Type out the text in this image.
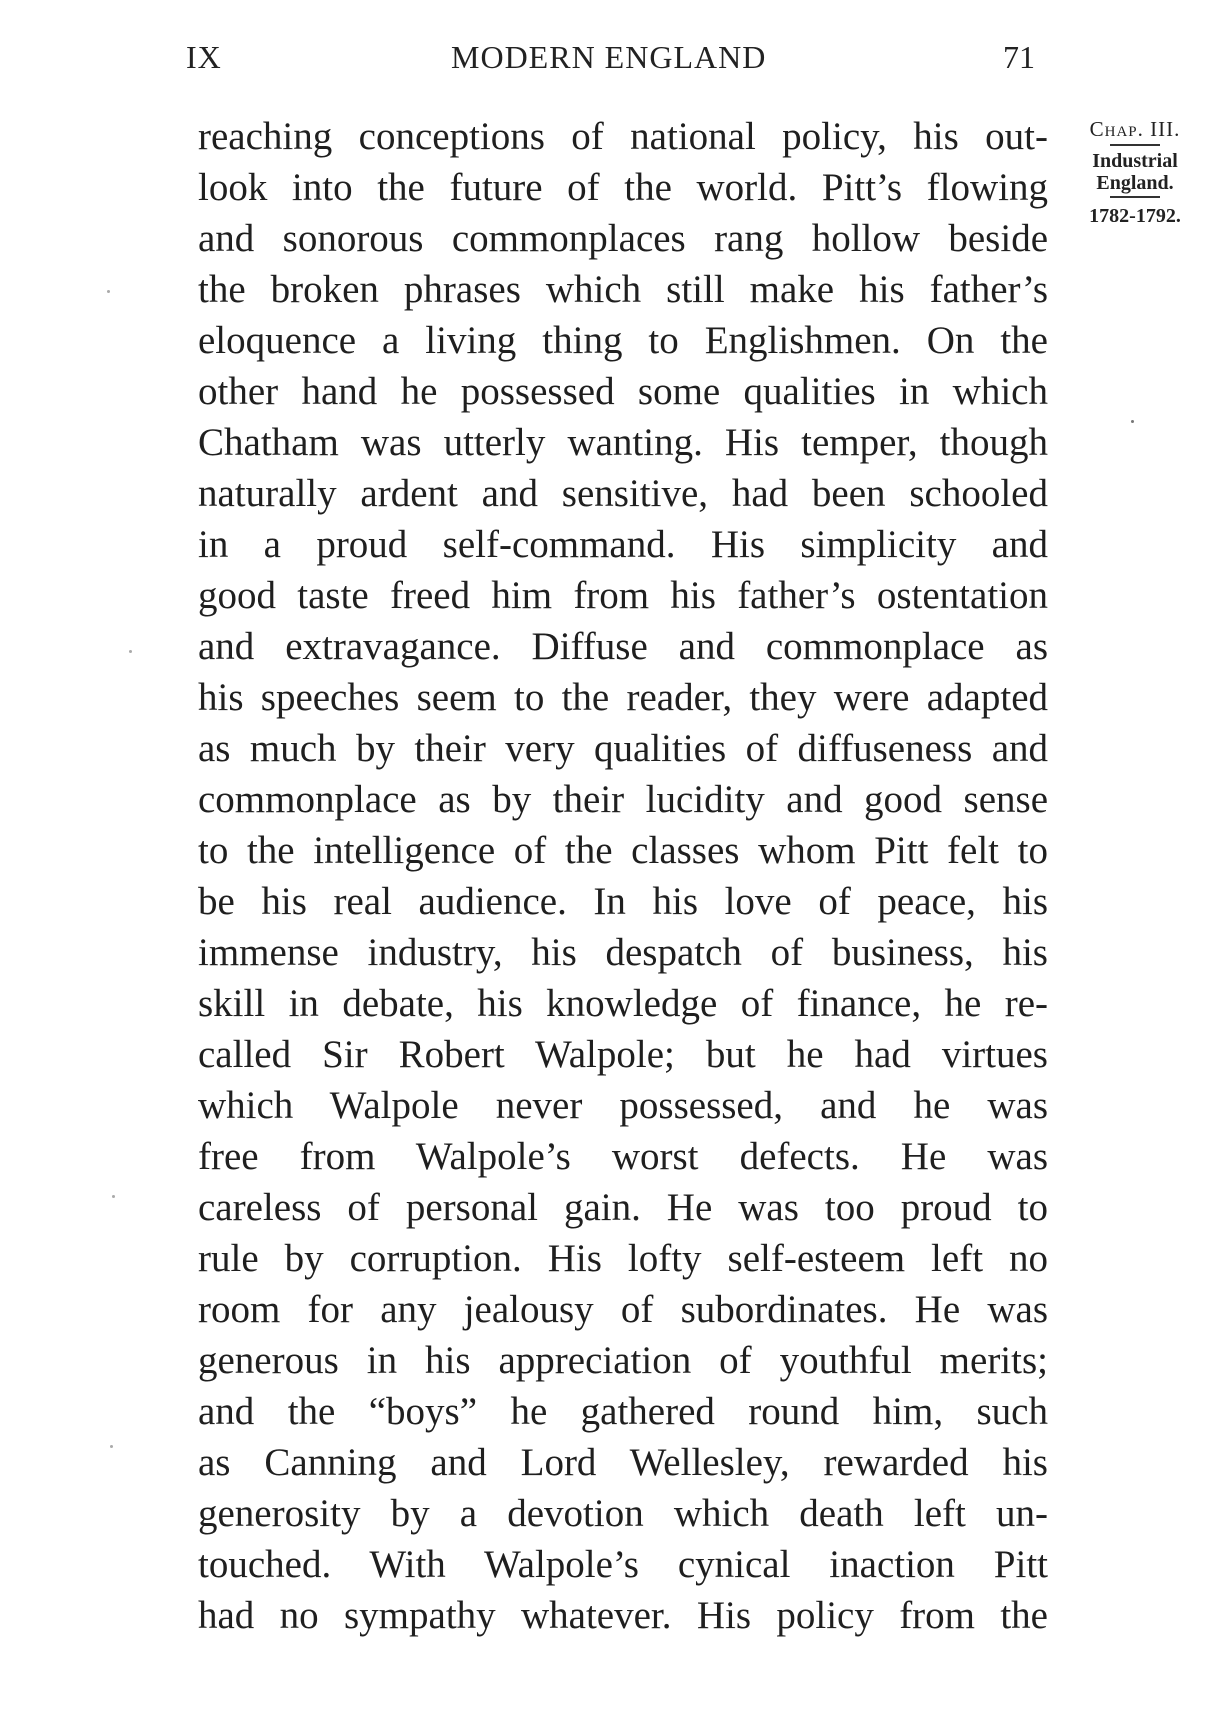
IX	MODERN ENGLAND	71
Chap. III.
Industrial
England.
1782-1792.
reaching conceptions of national policy, his out-
look into the future of the world. Pitt’s flowing
and sonorous commonplaces rang hollow beside
the broken phrases which still make his father’s
eloquence a living thing to Englishmen. On the
other hand he possessed some qualities in which
Chatham was utterly wanting. His temper, though
naturally ardent and sensitive, had been schooled
in a proud self-command. His simplicity and
good taste freed him from his father’s ostentation
and extravagance. Diffuse and commonplace as
his speeches seem to the reader, they were adapted
as much by their very qualities of diffuseness and
commonplace as by their lucidity and good sense
to the intelligence of the classes whom Pitt felt to
be his real audience. In his love of peace, his
immense industry, his despatch of business, his
skill in debate, his knowledge of finance, he re-
called Sir Robert Walpole; but he had virtues
which Walpole never possessed, and he was
free from Walpole’s worst defects. He was
careless of personal gain. He was too proud to
rule by corruption. His lofty self-esteem left no
room for any jealousy of subordinates. He was
generous in his appreciation of youthful merits;
and the “boys” he gathered round him, such
as Canning and Lord Wellesley, rewarded his
generosity by a devotion which death left un-
touched. With Walpole’s cynical inaction Pitt
had no sympathy whatever. His policy from the
